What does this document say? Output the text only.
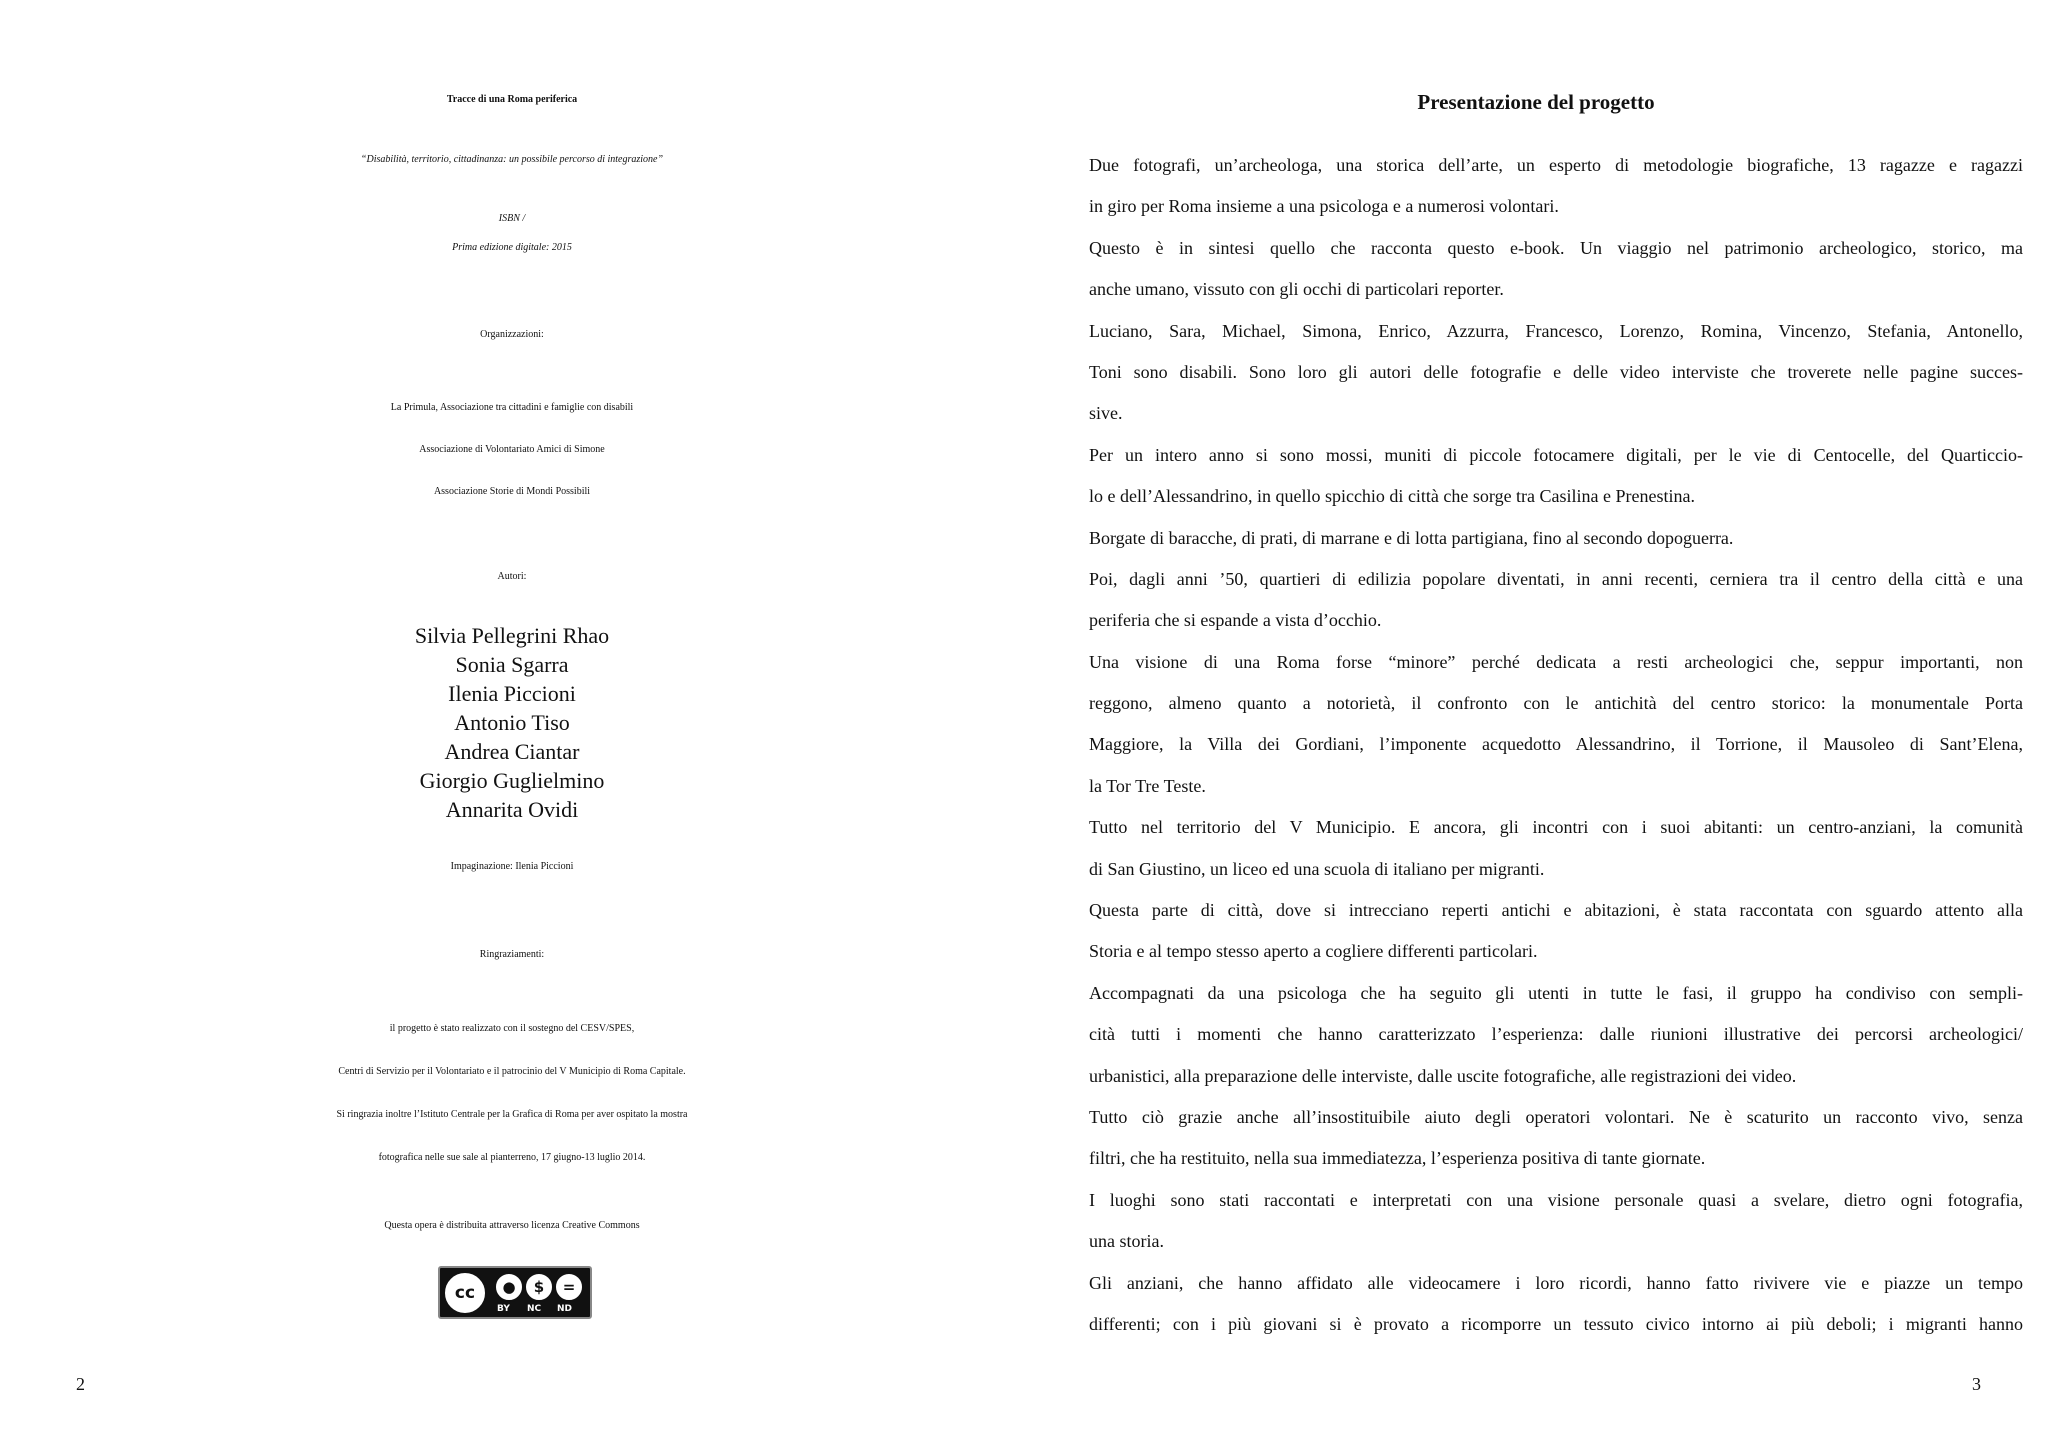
Tracce di una Roma periferica
“Disabilità, territorio, cittadinanza: un possibile percorso di integrazione”
ISBN /
Prima edizione digitale: 2015
Organizzazioni:
La Primula, Associazione tra cittadini e famiglie con disabili
Associazione di Volontariato Amici di Simone
Associazione Storie di Mondi Possibili
Autori:
Silvia Pellegrini Rhao
Sonia Sgarra
Ilenia Piccioni
Antonio Tiso
Andrea Ciantar
Giorgio Guglielmino
Annarita Ovidi
Impaginazione: Ilenia Piccioni
Ringraziamenti:
il progetto è stato realizzato con il sostegno del CESV/SPES,
Centri di Servizio per il Volontariato e il patrocinio del V Municipio di Roma Capitale.
Si ringrazia inoltre l’Istituto Centrale per la Grafica di Roma per aver ospitato la mostra
fotografica nelle sue sale al pianterreno, 17 giugno-13 luglio 2014.
Questa opera è distribuita attraverso licenza Creative Commons
cc	●	$	=
BY NC ND
2
Presentazione del progetto
Due fotografi, un’archeologa, una storica dell’arte, un esperto di metodologie biografiche, 13 ragazze e ragazzi
in giro per Roma insieme a una psicologa e a numerosi volontari.
Questo è in sintesi quello che racconta questo e-book. Un viaggio nel patrimonio archeologico, storico, ma
anche umano, vissuto con gli occhi di particolari reporter.
Luciano, Sara, Michael, Simona, Enrico, Azzurra, Francesco, Lorenzo, Romina, Vincenzo, Stefania, Antonello,
Toni sono disabili. Sono loro gli autori delle fotografie e delle video interviste che troverete nelle pagine succes-
sive.
Per un intero anno si sono mossi, muniti di piccole fotocamere digitali, per le vie di Centocelle, del Quarticcio-
lo e dell’Alessandrino, in quello spicchio di città che sorge tra Casilina e Prenestina.
Borgate di baracche, di prati, di marrane e di lotta partigiana, fino al secondo dopoguerra.
Poi, dagli anni ’50, quartieri di edilizia popolare diventati, in anni recenti, cerniera tra il centro della città e una
periferia che si espande a vista d’occhio.
Una visione di una Roma forse “minore” perché dedicata a resti archeologici che, seppur importanti, non
reggono, almeno quanto a notorietà, il confronto con le antichità del centro storico: la monumentale Porta
Maggiore, la Villa dei Gordiani, l’imponente acquedotto Alessandrino, il Torrione, il Mausoleo di Sant’Elena,
la Tor Tre Teste.
Tutto nel territorio del V Municipio. E ancora, gli incontri con i suoi abitanti: un centro-anziani, la comunità
di San Giustino, un liceo ed una scuola di italiano per migranti.
Questa parte di città, dove si intrecciano reperti antichi e abitazioni, è stata raccontata con sguardo attento alla
Storia e al tempo stesso aperto a cogliere differenti particolari.
Accompagnati da una psicologa che ha seguito gli utenti in tutte le fasi, il gruppo ha condiviso con sempli-
cità tutti i momenti che hanno caratterizzato l’esperienza: dalle riunioni illustrative dei percorsi archeologici/
urbanistici, alla preparazione delle interviste, dalle uscite fotografiche, alle registrazioni dei video.
Tutto ciò grazie anche all’insostituibile aiuto degli operatori volontari. Ne è scaturito un racconto vivo, senza
filtri, che ha restituito, nella sua immediatezza, l’esperienza positiva di tante giornate.
I luoghi sono stati raccontati e interpretati con una visione personale quasi a svelare, dietro ogni fotografia,
una storia.
Gli anziani, che hanno affidato alle videocamere i loro ricordi, hanno fatto rivivere vie e piazze un tempo
differenti; con i più giovani si è provato a ricomporre un tessuto civico intorno ai più deboli; i migranti hanno
3
